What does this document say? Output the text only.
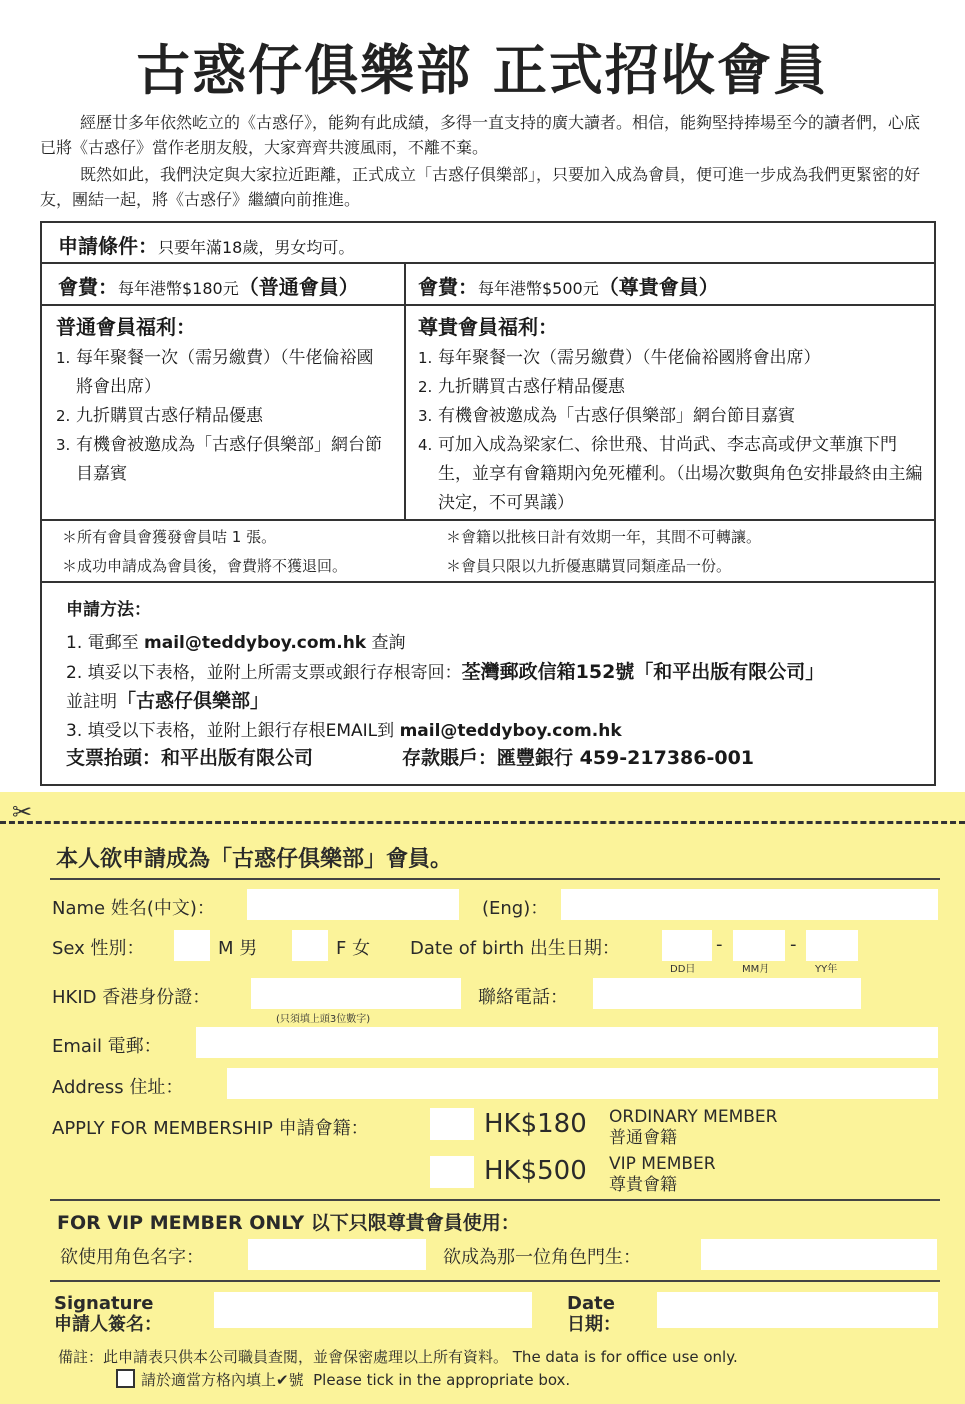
古惑仔俱樂部 正式招收會員

經歷廿多年依然屹立的《古惑仔》，能夠有此成績，多得一直支持的廣大讀者。相信，能夠堅持捧場至今的讀者們，心底已將《古惑仔》當作老朋友般，大家齊齊共渡風雨，不離不棄。

既然如此，我們決定與大家拉近距離，正式成立「古惑仔俱樂部」，只要加入成為會員，便可進一步成為我們更緊密的好友，團結一起，將《古惑仔》繼續向前推進。

申請條件：只要年滿18歲，男女均可。
會費：每年港幣$180元（普通會員）	會費：每年港幣$500元（尊貴會員）
普通會員福利：
1. 每年聚餐一次（需另繳費）（牛佬倫裕國將會出席）
2. 九折購買古惑仔精品優惠
3. 有機會被邀成為「古惑仔俱樂部」網台節目嘉賓
尊貴會員福利：
1. 每年聚餐一次（需另繳費）（牛佬倫裕國將會出席）
2. 九折購買古惑仔精品優惠
3. 有機會被邀成為「古惑仔俱樂部」網台節目嘉賓
4. 可加入成為梁家仁、徐世飛、甘尚武、李志高或伊文華旗下門生，並享有會籍期內免死權利。（出場次數與角色安排最終由主編決定，不可異議）
＊所有會員會獲發會員咭 1 張。	＊會籍以批核日計有效期一年，其間不可轉讓。
＊成功申請成為會員後，會費將不獲退回。	＊會員只限以九折優惠購買同類產品一份。
申請方法：
1. 電郵至 mail@teddyboy.com.hk 查詢
2. 填妥以下表格，並附上所需支票或銀行存根寄回：荃灣郵政信箱152號「和平出版有限公司」
並註明「古惑仔俱樂部」
3. 填受以下表格，並附上銀行存根EMAIL到 mail@teddyboy.com.hk
支票抬頭：和平出版有限公司	存款賬戶：匯豐銀行 459-217386-001
✂
本人欲申請成為「古惑仔俱樂部」會員。
Name 姓名(中文)：	(Eng)：
Sex 性別：	M 男	F 女 Date of birth 出生日期：	-	-
DD日	MM月	YY年
HKID 香港身份證：
(只須填上頭3位數字)
聯絡電話：
Email 電郵：
Address 住址：
APPLY FOR MEMBERSHIP 申請會籍：	HK$180 ORDINARY MEMBER
普通會籍
HK$500 VIP MEMBER
尊貴會籍
FOR VIP MEMBER ONLY 以下只限尊貴會員使用：
欲使用角色名字：	欲成為那一位角色門生：
Signature
申請人簽名：
Date
日期：
備註：此申請表只供本公司職員查閱，並會保密處理以上所有資料。 The data is for office use only.
請於適當方格內填上✔號 Please tick in the appropriate box.
